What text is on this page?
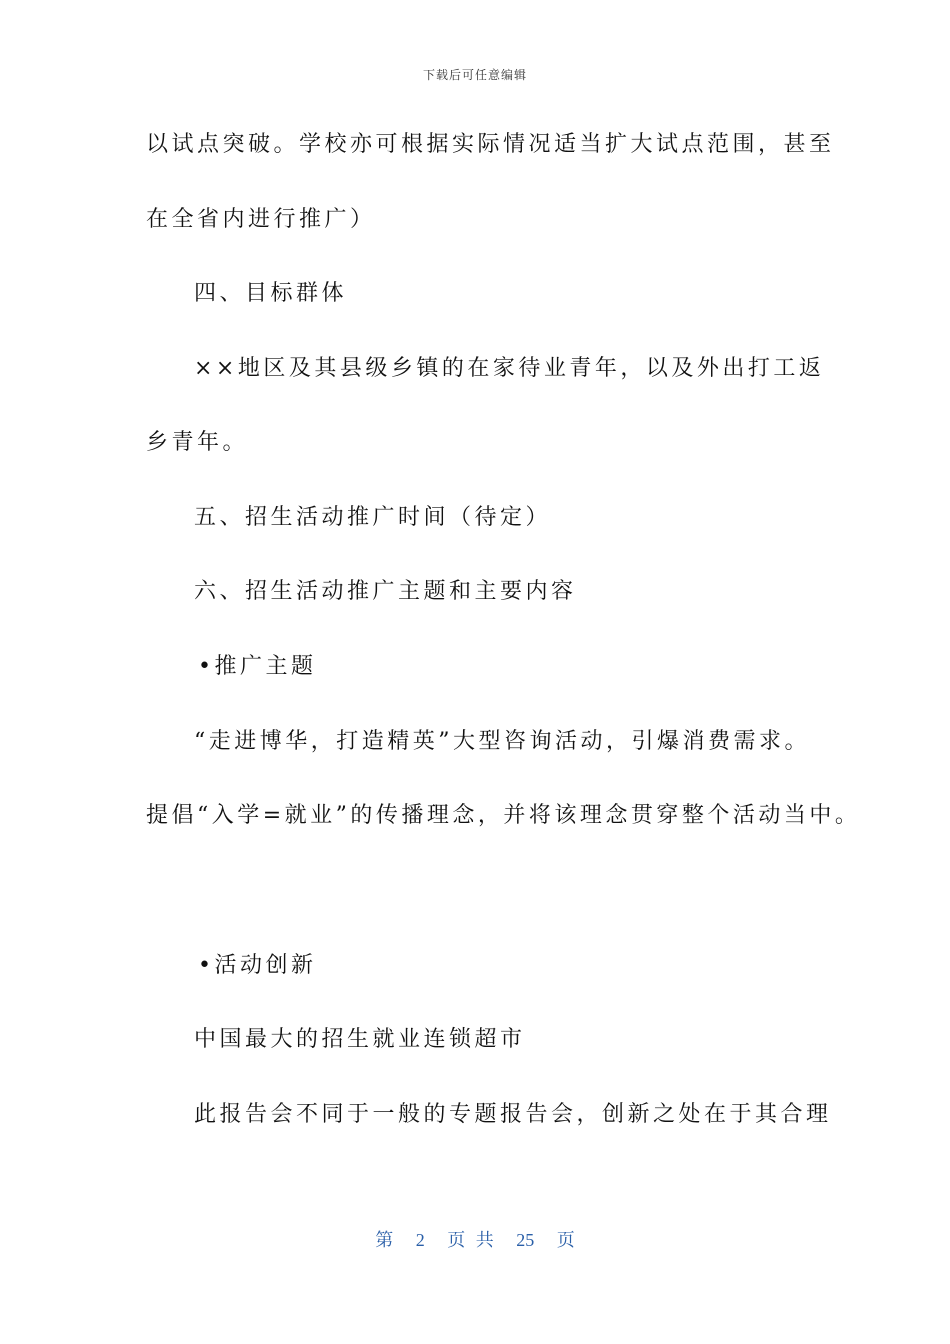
下载后可任意编辑
以试点突破。学校亦可根据实际情况适当扩大试点范围，甚至
在全省内进行推广）
四、目标群体
××地区及其县级乡镇的在家待业青年，以及外出打工返
乡青年。
五、招生活动推广时间（待定）
六、招生活动推广主题和主要内容
•推广主题
“走进博华，打造精英”大型咨询活动，引爆消费需求。
提倡“入学=就业”的传播理念，并将该理念贯穿整个活动当中。
•活动创新
中国最大的招生就业连锁超市
此报告会不同于一般的专题报告会，创新之处在于其合理
第 2 页 共 25 页
